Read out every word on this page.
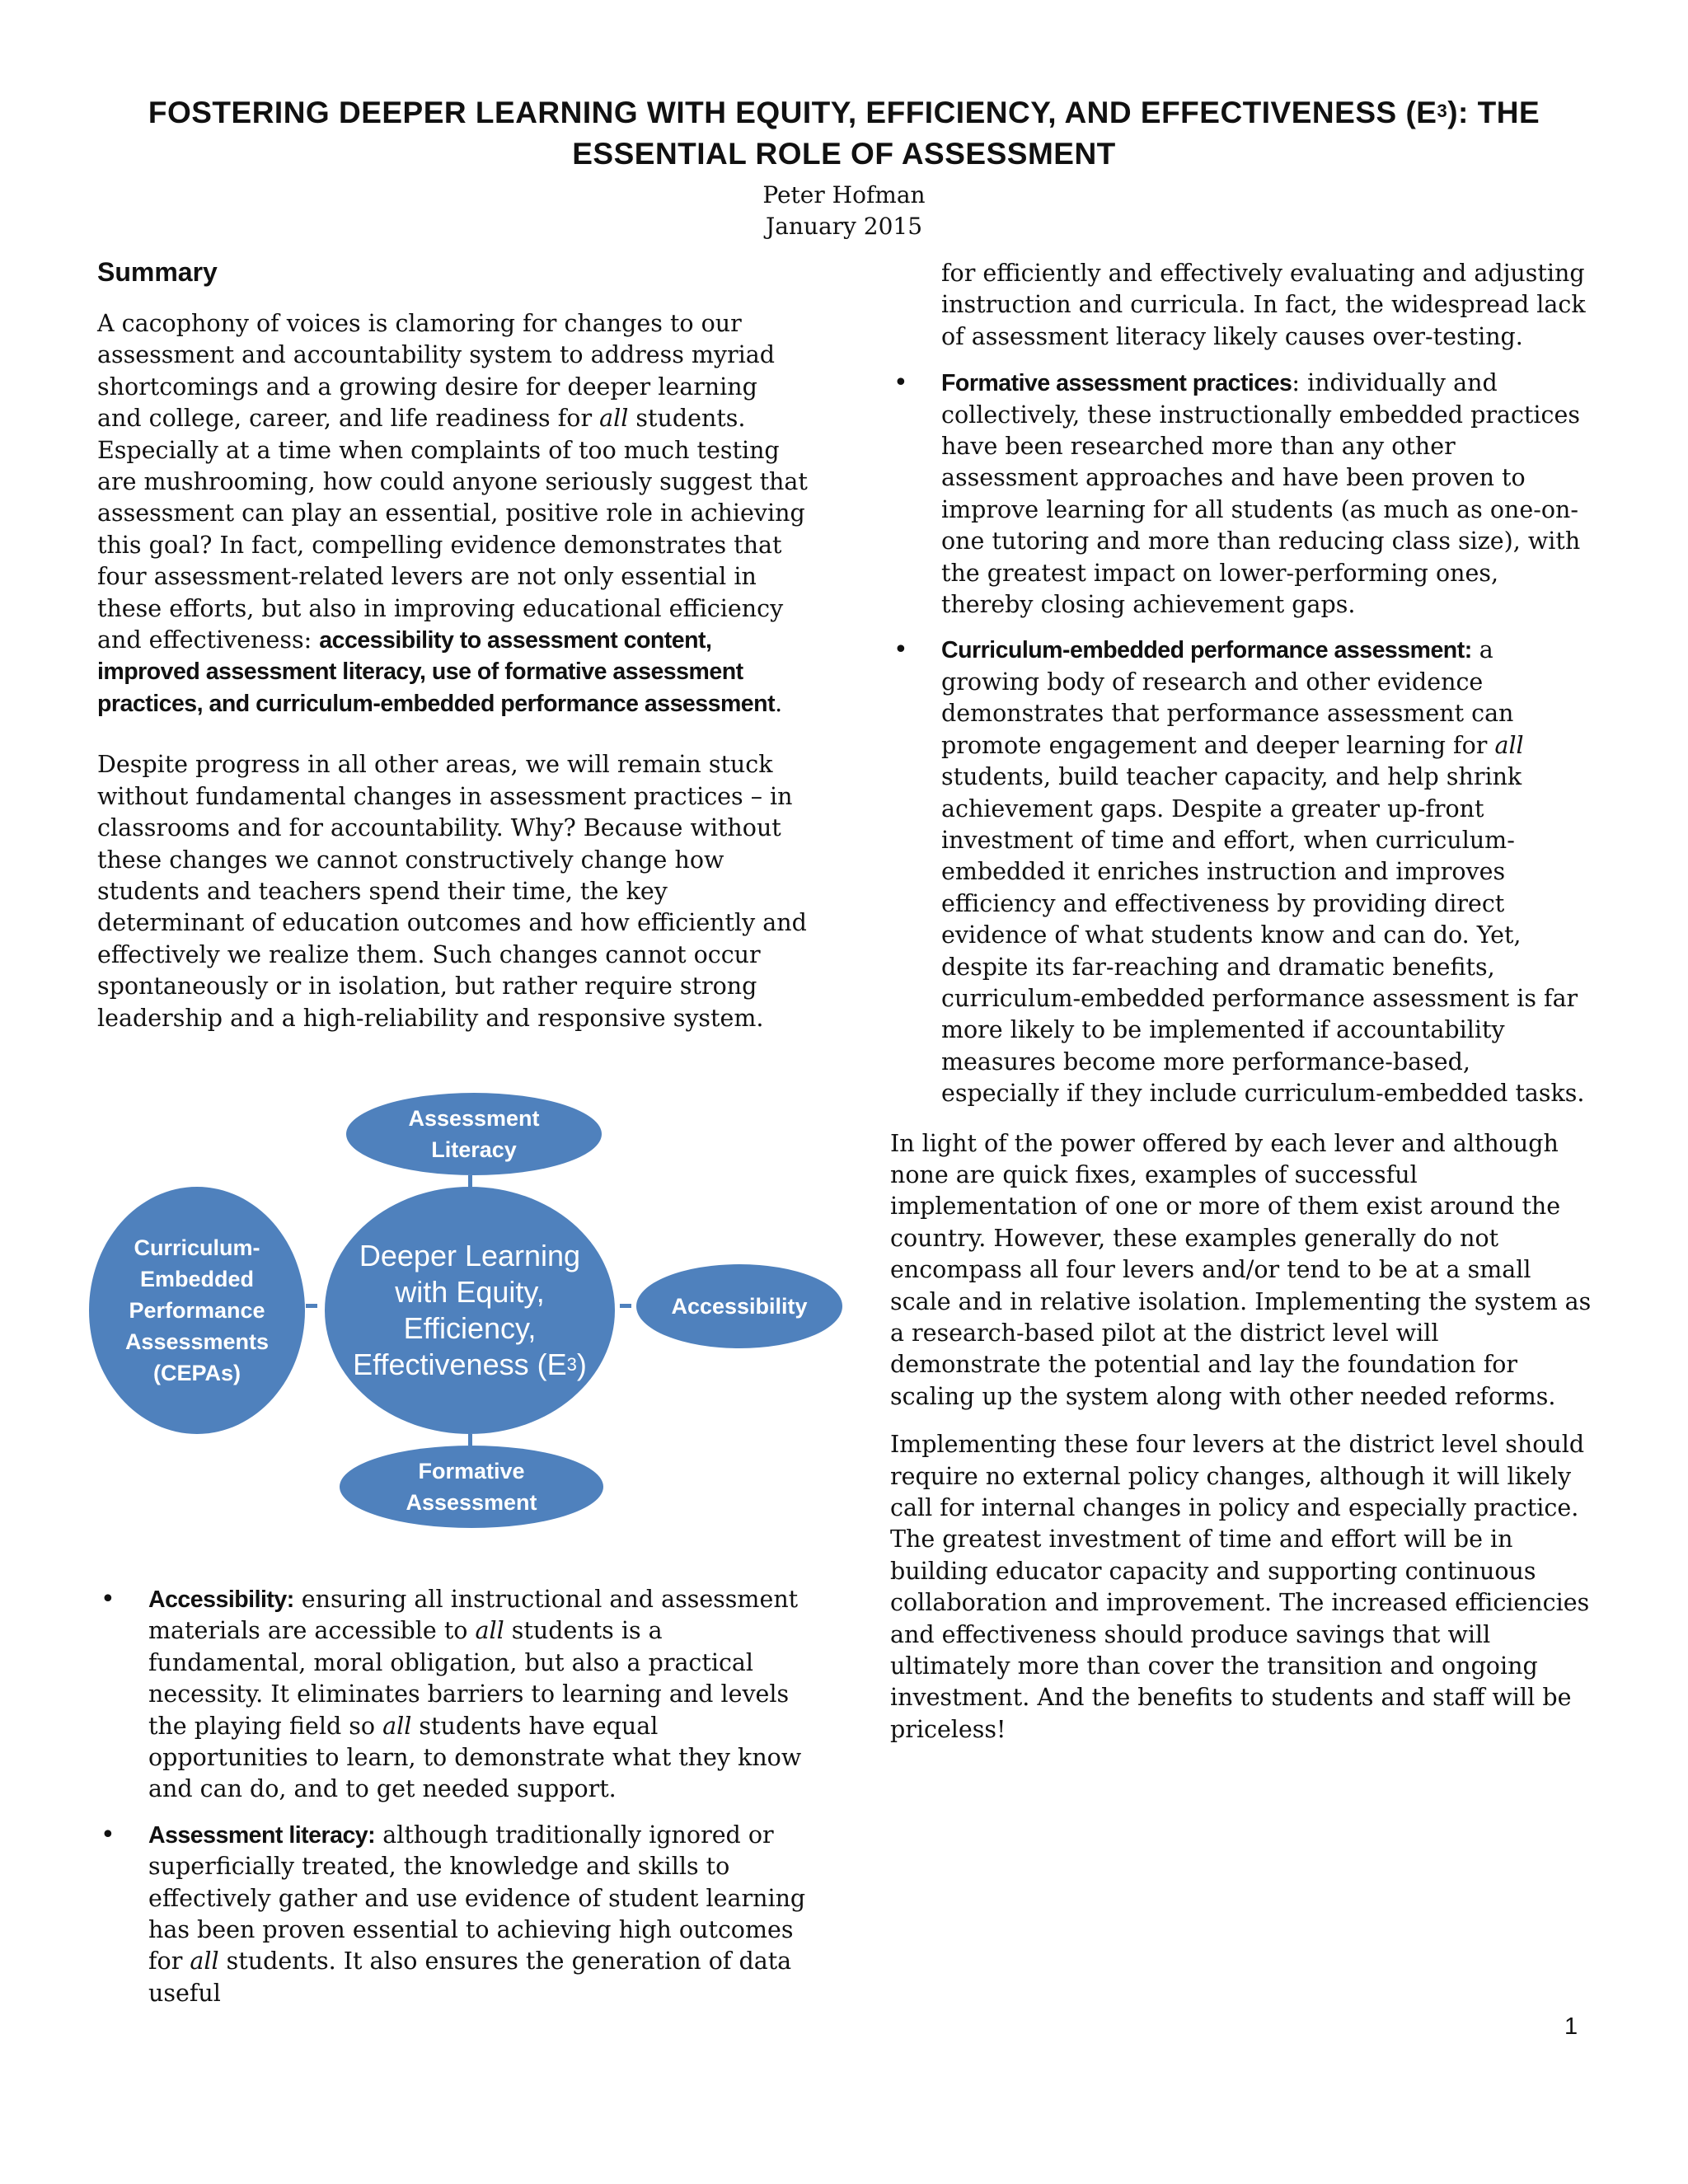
FOSTERING DEEPER LEARNING WITH EQUITY, EFFICIENCY, AND EFFECTIVENESS $(E^3)$: THE
ESSENTIAL ROLE OF ASSESSMENT
Peter Hofman
January 2015
Summary

A cacophony of voices is clamoring for changes to our assessment and accountability system to address myriad shortcomings and a growing desire for deeper learning and college, career, and life readiness for all students. Especially at a time when complaints of too much testing are mushrooming, how could anyone seriously suggest that assessment can play an essential, positive role in achieving this goal? In fact, compelling evidence demonstrates that four assessment-related levers are not only essential in these efforts, but also in improving educational efficiency and effectiveness: accessibility to assessment content, improved assessment literacy, use of formative assessment practices, and curriculum-embedded performance assessment.

Despite progress in all other areas, we will remain stuck without fundamental changes in assessment practices – in classrooms and for accountability. Why? Because without these changes we cannot constructively change how students and teachers spend their time, the key determinant of education outcomes and how efficiently and effectively we realize them. Such changes cannot occur spontaneously or in isolation, but rather require strong leadership and a high-reliability and responsive system.

Assessment Literacy
Deeper Learning with Equity, Efficiency, Effectiveness $(E^3)$
Curriculum-Embedded Performance Assessments (CEPAs)
Accessibility
Formative Assessment
• Accessibility: ensuring all instructional and assessment materials are accessible to all students is a fundamental, moral obligation, but also a practical necessity. It eliminates barriers to learning and levels the playing field so all students have equal opportunities to learn, to demonstrate what they know and can do, and to get needed support.
• Assessment literacy: although traditionally ignored or superficially treated, the knowledge and skills to effectively gather and use evidence of student learning has been proven essential to achieving high outcomes for all students. It also ensures the generation of data useful

for efficiently and effectively evaluating and adjusting instruction and curricula. In fact, the widespread lack of assessment literacy likely causes over-testing.

• Formative assessment practices: individually and collectively, these instructionally embedded practices have been researched more than any other assessment approaches and have been proven to improve learning for all students (as much as one-on-one tutoring and more than reducing class size), with the greatest impact on lower-performing ones, thereby closing achievement gaps.
• Curriculum-embedded performance assessment: a growing body of research and other evidence demonstrates that performance assessment can promote engagement and deeper learning for all students, build teacher capacity, and help shrink achievement gaps. Despite a greater up-front investment of time and effort, when curriculum-embedded it enriches instruction and improves efficiency and effectiveness by providing direct evidence of what students know and can do. Yet, despite its far-reaching and dramatic benefits, curriculum-embedded performance assessment is far more likely to be implemented if accountability measures become more performance-based, especially if they include curriculum-embedded tasks.

In light of the power offered by each lever and although none are quick fixes, examples of successful implementation of one or more of them exist around the country. However, these examples generally do not encompass all four levers and/or tend to be at a small scale and in relative isolation. Implementing the system as a research-based pilot at the district level will demonstrate the potential and lay the foundation for scaling up the system along with other needed reforms.

Implementing these four levers at the district level should require no external policy changes, although it will likely call for internal changes in policy and especially practice. The greatest investment of time and effort will be in building educator capacity and supporting continuous collaboration and improvement. The increased efficiencies and effectiveness should produce savings that will ultimately more than cover the transition and ongoing investment. And the benefits to students and staff will be priceless!

1
